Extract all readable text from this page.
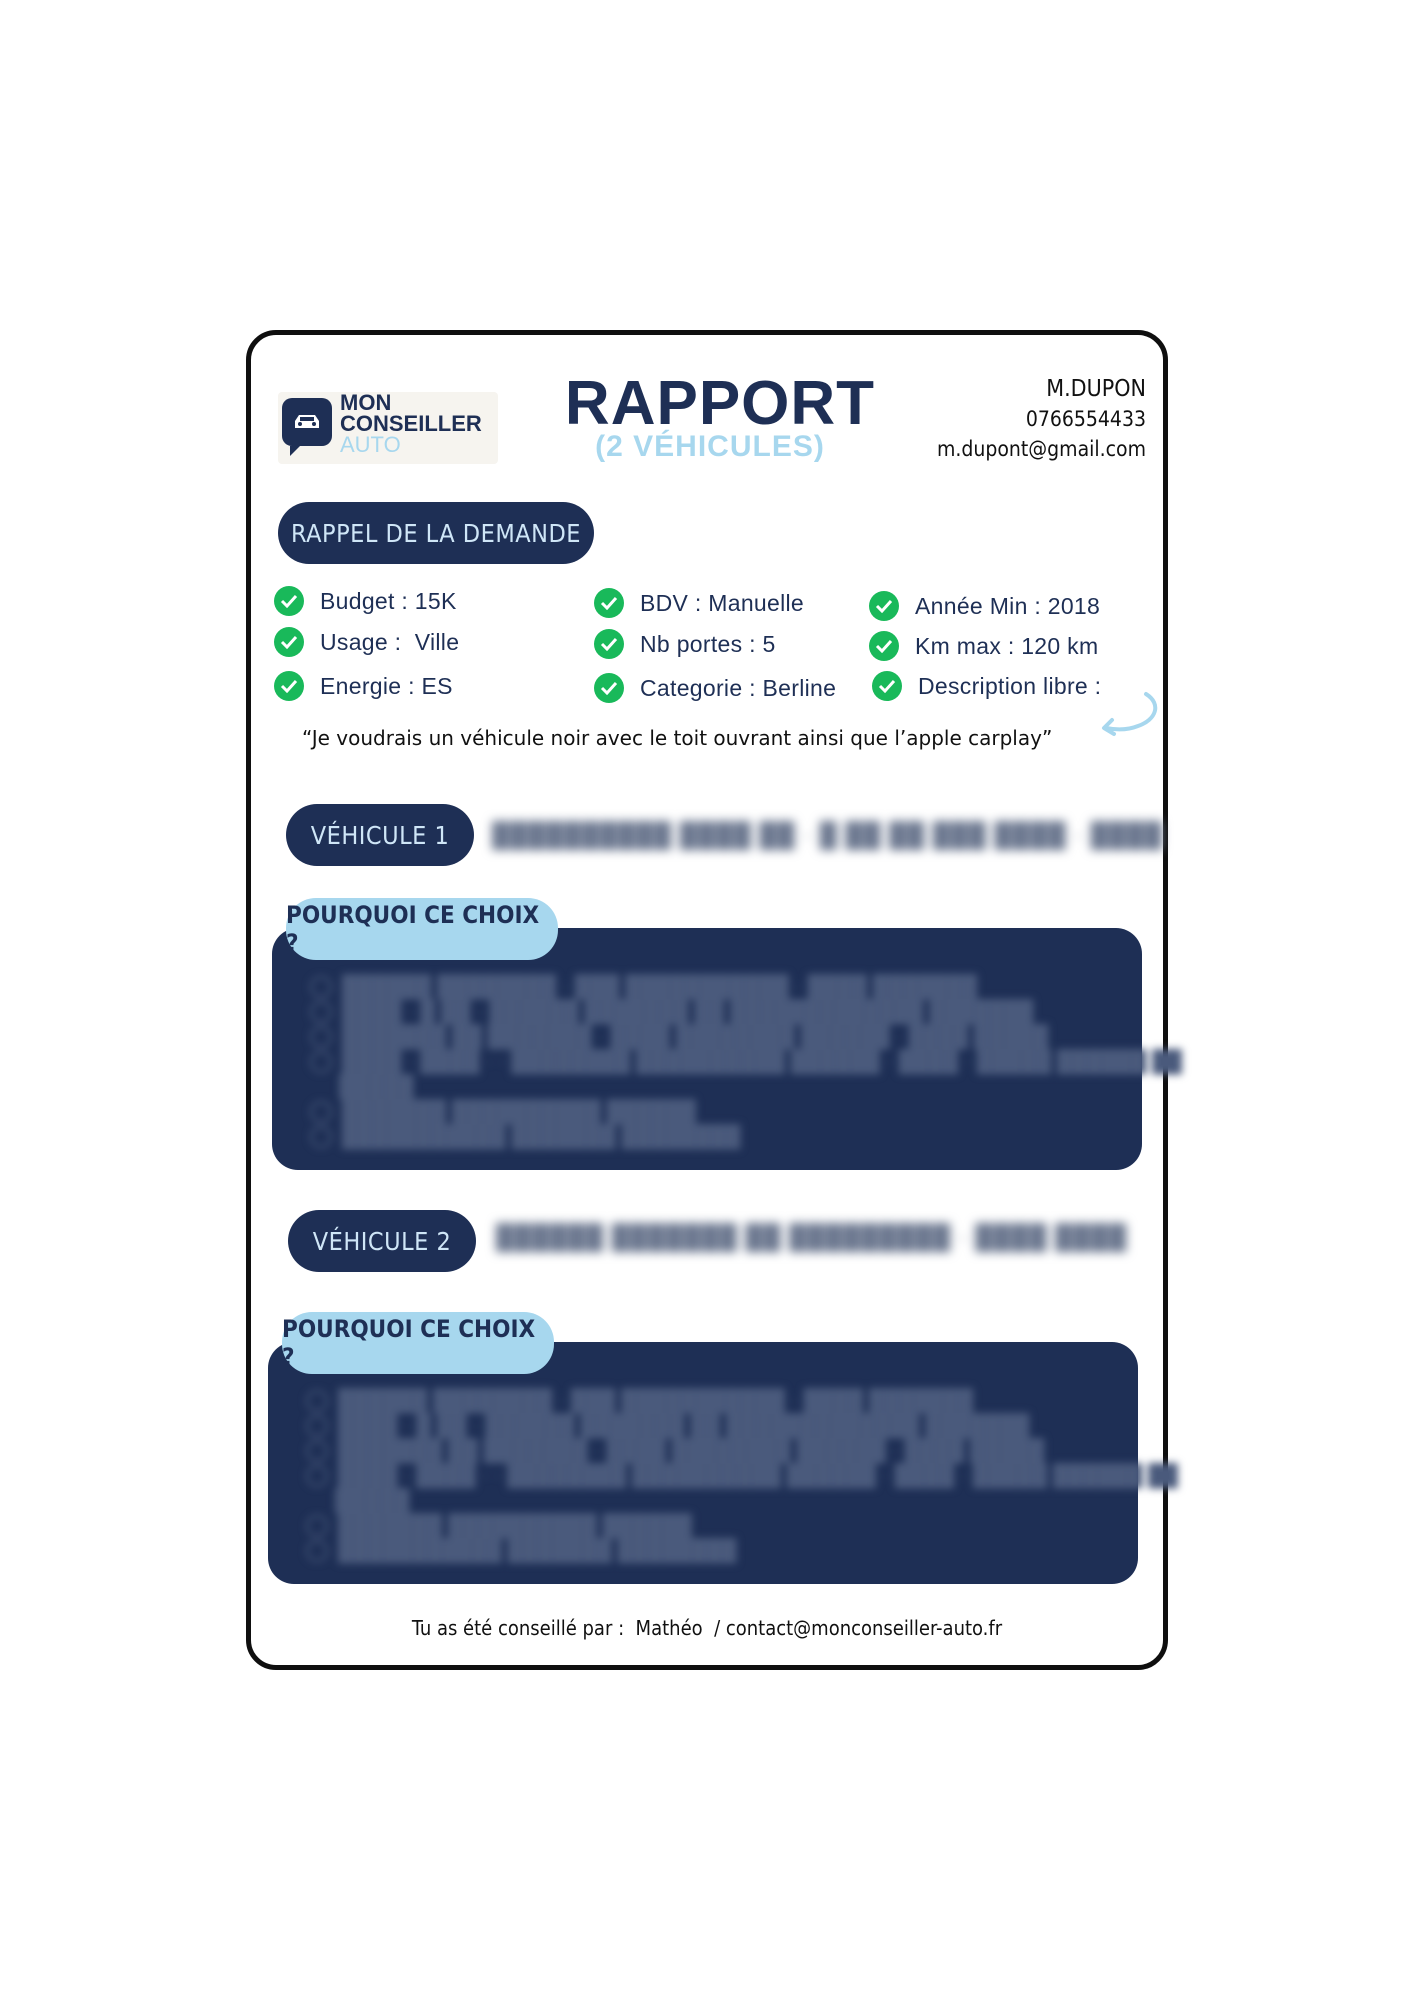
MON
CONSEILLER
AUTO
RAPPORT
(2 VÉHICULES)
M.DUPON
0766554433
m.dupont@gmail.com
RAPPEL DE LA DEMANDE
Budget : 15K
Usage :  Ville
Energie : ES
BDV : Manuelle
Nb portes : 5
Categorie : Berline
Année Min : 2018
Km max : 120 km
Description libre :
“Je voudrais un véhicule noir avec le toit ouvrant ainsi que l’apple carplay”
VÉHICULE 1	██████████ ████ ██ · █ ██ ██ ███ ████ · ████
██████ ████████ · ███ ███████████ · ████ ███████
████ · █ ██ · ██████ ███████ ██ █████████████ ███████
███████ ██ ███████ · ████ ████████ ██████ · ████ █████
████ · ████ · · ████████ ██████████ ██████ · ████ · █████ ██████ ██
█████
███████ ██████████ ██████
███████████ ███████ ████████
POURQUOI CE CHOIX ?
VÉHICULE 2	██████ ███████ ██ █████████ · ████ ████
██████ ████████ · ███ ███████████ · ████ ███████
████ · █ ██ · ██████ ███████ ██ █████████████ ███████
███████ ██ ███████ · ████ ████████ ██████ · ████ █████
████ · ████ · · ████████ ██████████ ██████ · ████ · █████ ██████ ██
█████
███████ ██████████ ██████
███████████ ███████ ████████
POURQUOI CE CHOIX ?
Tu as été conseillé par :  Mathéo  / contact@monconseiller-auto.fr
